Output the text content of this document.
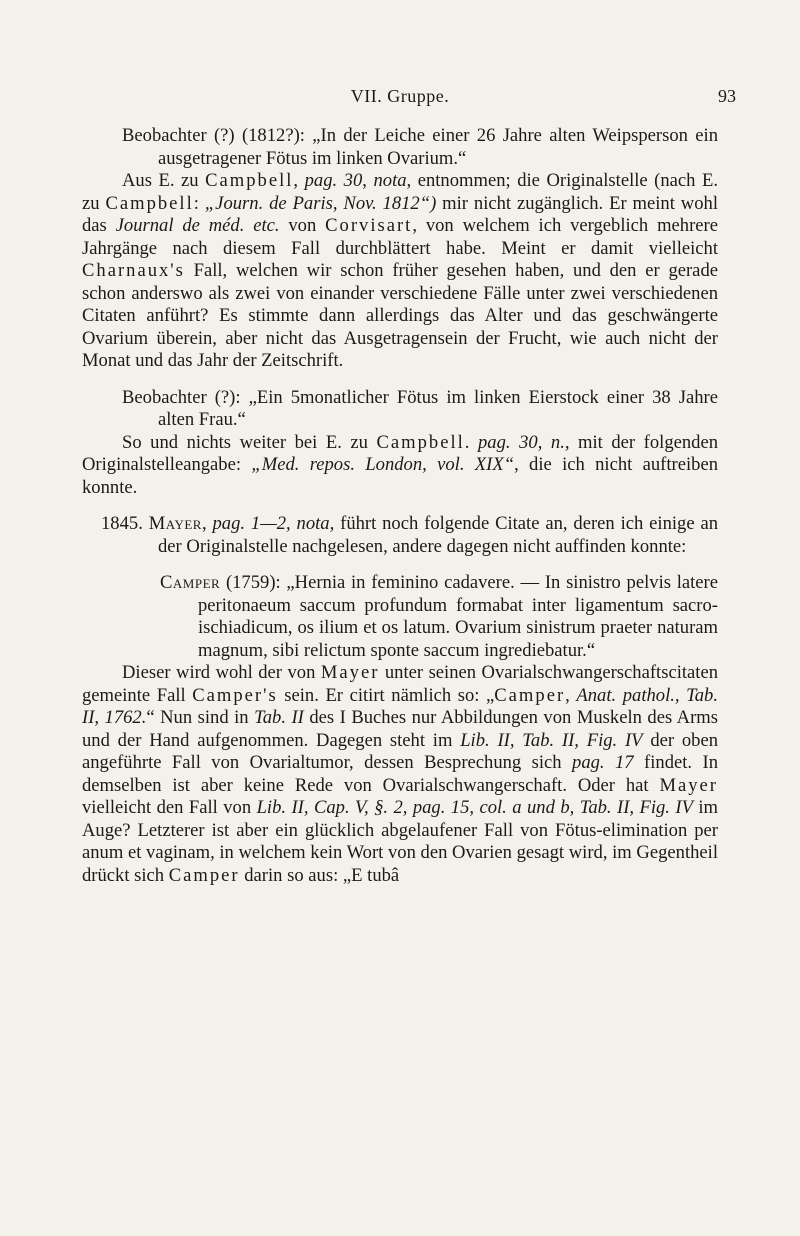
VII. Gruppe.	93

Beobachter (?) (1812?): „In der Leiche einer 26 Jahre alten Weipsperson ein ausgetragener Fötus im linken Ovarium.“

Aus E. zu Campbell, pag. 30, nota, entnommen; die Originalstelle (nach E. zu Campbell: „Journ. de Paris, Nov. 1812“) mir nicht zugänglich. Er meint wohl das Journal de méd. etc. von Corvisart, von welchem ich vergeblich mehrere Jahrgänge nach diesem Fall durchblättert habe. Meint er damit vielleicht Charnaux's Fall, welchen wir schon früher gesehen haben, und den er gerade schon anderswo als zwei von einander verschiedene Fälle unter zwei verschiedenen Citaten anführt? Es stimmte dann allerdings das Alter und das geschwängerte Ovarium überein, aber nicht das Ausgetragensein der Frucht, wie auch nicht der Monat und das Jahr der Zeitschrift.

Beobachter (?): „Ein 5monatlicher Fötus im linken Eierstock einer 38 Jahre alten Frau.“

So und nichts weiter bei E. zu Campbell. pag. 30, n., mit der folgenden Originalstelleangabe: „Med. repos. London, vol. XIX“, die ich nicht auftreiben konnte.

1845. Mayer, pag. 1—2, nota, führt noch folgende Citate an, deren ich einige an der Originalstelle nachgelesen, andere dagegen nicht auffinden konnte:

Camper (1759): „Hernia in feminino cadavere. — In sinistro pelvis latere peritonaeum saccum profundum formabat inter ligamentum sacro-ischiadicum, os ilium et os latum. Ovarium sinistrum praeter naturam magnum, sibi relictum sponte saccum ingrediebatur.“

Dieser wird wohl der von Mayer unter seinen Ovarialschwangerschaftscitaten gemeinte Fall Camper's sein. Er citirt nämlich so: „Camper, Anat. pathol., Tab. II, 1762.“ Nun sind in Tab. II des I Buches nur Abbildungen von Muskeln des Arms und der Hand aufgenommen. Dagegen steht im Lib. II, Tab. II, Fig. IV der oben angeführte Fall von Ovarialtumor, dessen Besprechung sich pag. 17 findet. In demselben ist aber keine Rede von Ovarialschwangerschaft. Oder hat Mayer vielleicht den Fall von Lib. II, Cap. V, §. 2, pag. 15, col. a und b, Tab. II, Fig. IV im Auge? Letzterer ist aber ein glücklich abgelaufener Fall von Fötus-elimination per anum et vaginam, in welchem kein Wort von den Ovarien gesagt wird, im Gegentheil drückt sich Camper darin so aus: „E tubâ
